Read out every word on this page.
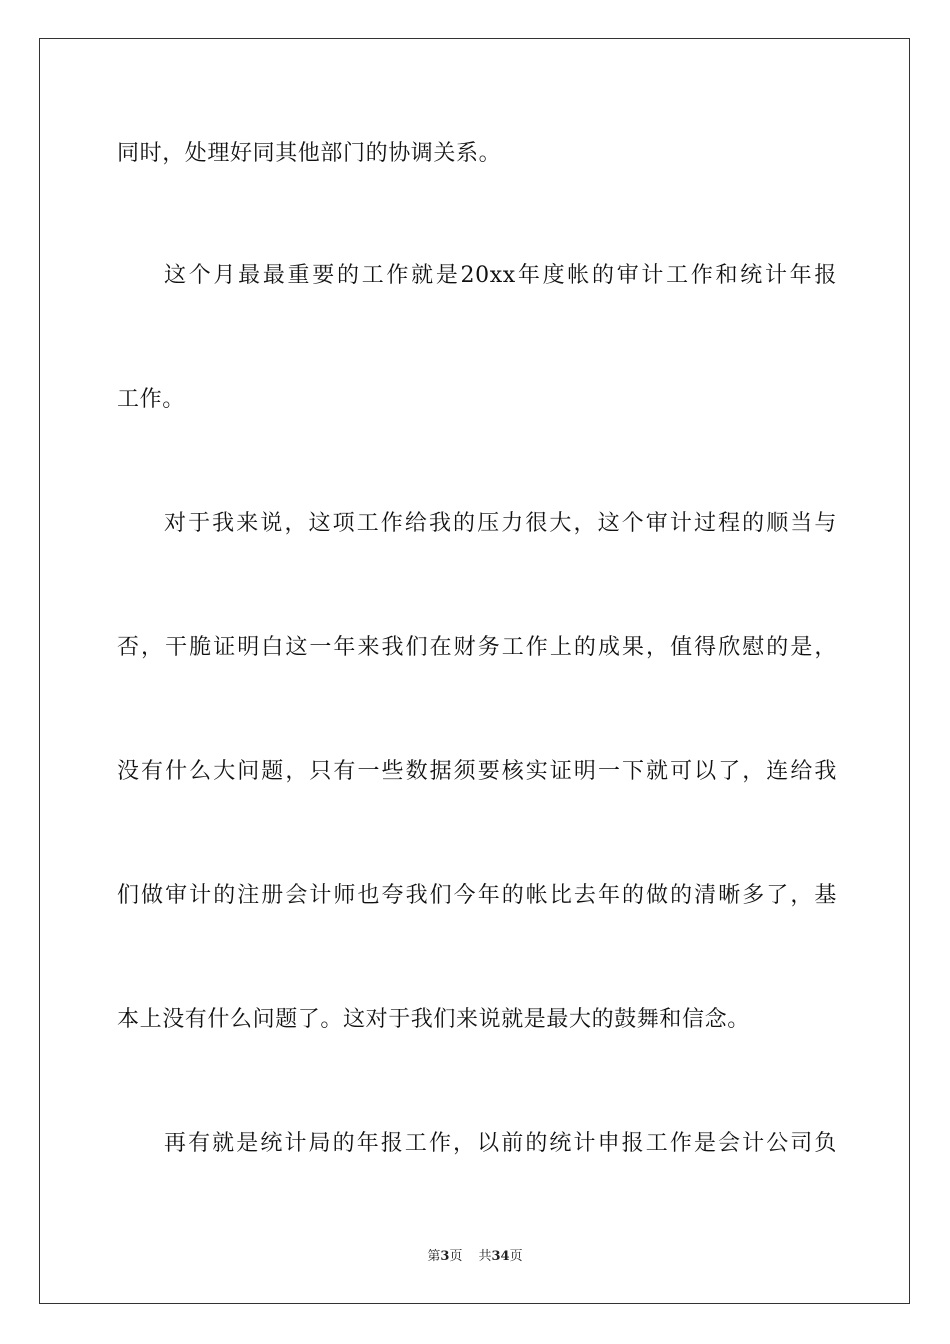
同时，处理好同其他部门的协调关系。
这个月最最重要的工作就是20xx年度帐的审计工作和统计年报
工作。
对于我来说，这项工作给我的压力很大，这个审计过程的顺当与
否，干脆证明白这一年来我们在财务工作上的成果，值得欣慰的是，
没有什么大问题，只有一些数据须要核实证明一下就可以了，连给我
们做审计的注册会计师也夸我们今年的帐比去年的做的清晰多了，基
本上没有什么问题了。这对于我们来说就是最大的鼓舞和信念。
再有就是统计局的年报工作，以前的统计申报工作是会计公司负
第3页 共34页
